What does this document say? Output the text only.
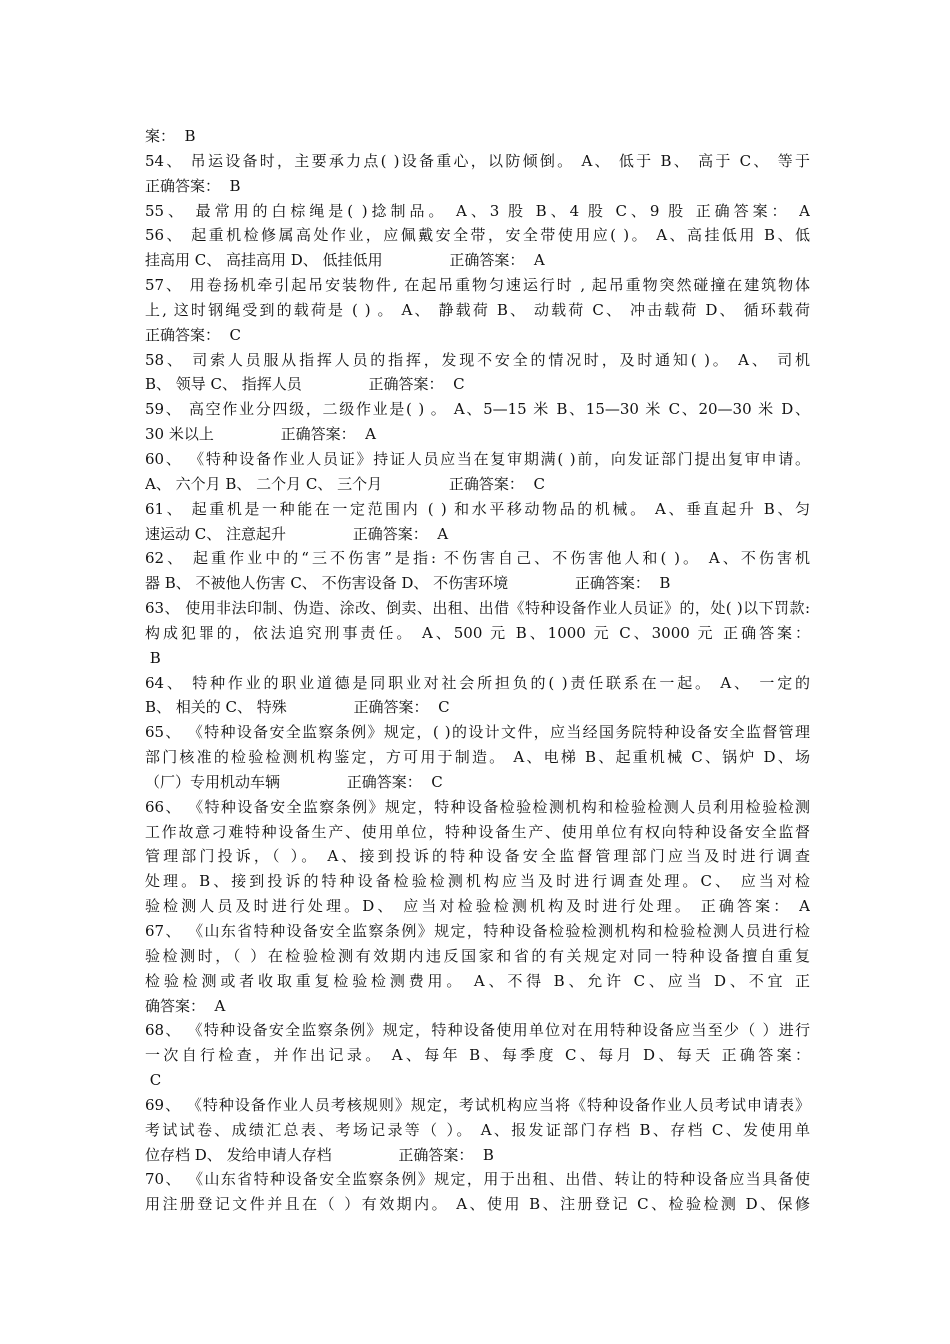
案：  B
54、 吊运设备时，主要承力点( )设备重心，以防倾倒。 A、 低于 B、 高于 C、 等于
正确答案：  B
55、 最常用的白棕绳是( )捻制品。 A、3 股 B、4 股 C、9 股 正确答案： A
56、 起重机检修属高处作业，应佩戴安全带，安全带使用应( )。 A、高挂低用 B、低
挂高用 C、 高挂高用 D、 低挂低用              正确答案：  A
57、 用卷扬机牵引起吊安装物件, 在起吊重物匀速运行时 , 起吊重物突然碰撞在建筑物体
上, 这时钢绳受到的载荷是 ( ) 。 A、 静载荷 B、 动载荷 C、 冲击载荷 D、 循环载荷
正确答案：  C
58、 司索人员服从指挥人员的指挥，发现不安全的情况时，及时通知( )。 A、 司机
B、 领导 C、 指挥人员              正确答案：  C
59、 高空作业分四级，二级作业是( ) 。 A、5—15 米 B、15—30 米 C、20—30 米 D、
30 米以上              正确答案：  A
60、 《特种设备作业人员证》持证人员应当在复审期满( )前，向发证部门提出复审申请。
A、 六个月 B、 二个月 C、 三个月              正确答案：  C
61、 起重机是一种能在一定范围内 ( ) 和水平移动物品的机械。 A、垂直起升 B、匀
速运动 C、 注意起升              正确答案：  A
62、 起重作业中的“三不伤害”是指: 不伤害自己、不伤害他人和( )。 A、不伤害机
器 B、 不被他人伤害 C、 不伤害设备 D、 不伤害环境              正确答案：  B
63、 使用非法印制、伪造、涂改、倒卖、出租、出借《特种设备作业人员证》的，处( )以下罚款:
构成犯罪的，依法追究刑事责任。 A、500 元 B、1000 元 C、3000 元 正确答案：
B
64、 特种作业的职业道德是同职业对社会所担负的( )责任联系在一起。 A、 一定的
B、 相关的 C、 特殊              正确答案：  C
65、 《特种设备安全监察条例》规定，( )的设计文件，应当经国务院特种设备安全监督管理
部门核准的检验检测机构鉴定，方可用于制造。 A、电梯 B、起重机械 C、锅炉 D、场
（厂）专用机动车辆              正确答案：  C
66、 《特种设备安全监察条例》规定，特种设备检验检测机构和检验检测人员利用检验检测
工作故意刁难特种设备生产、使用单位，特种设备生产、使用单位有权向特种设备安全监督
管理部门投诉，（ ）。 A、接到投诉的特种设备安全监督管理部门应当及时进行调查
处理。B、接到投诉的特种设备检验检测机构应当及时进行调查处理。C、 应当对检
验检测人员及时进行处理。D、 应当对检验检测机构及时进行处理。 正确答案： A
67、 《山东省特种设备安全监察条例》规定，特种设备检验检测机构和检验检测人员进行检
验检测时，（ ）在检验检测有效期内违反国家和省的有关规定对同一特种设备擅自重复
检验检测或者收取重复检验检测费用。 A、不得 B、允许 C、应当 D、不宜 正
确答案：  A
68、 《特种设备安全监察条例》规定，特种设备使用单位对在用特种设备应当至少（ ）进行
一次自行检查，并作出记录。 A、每年 B、每季度 C、每月 D、每天 正确答案：
C
69、 《特种设备作业人员考核规则》规定，考试机构应当将《特种设备作业人员考试申请表》
考试试卷、成绩汇总表、考场记录等（ ）。 A、报发证部门存档 B、存档 C、发使用单
位存档 D、 发给申请人存档              正确答案：  B
70、 《山东省特种设备安全监察条例》规定，用于出租、出借、转让的特种设备应当具备使
用注册登记文件并且在（ ）有效期内。 A、使用 B、注册登记 C、检验检测 D、保修
